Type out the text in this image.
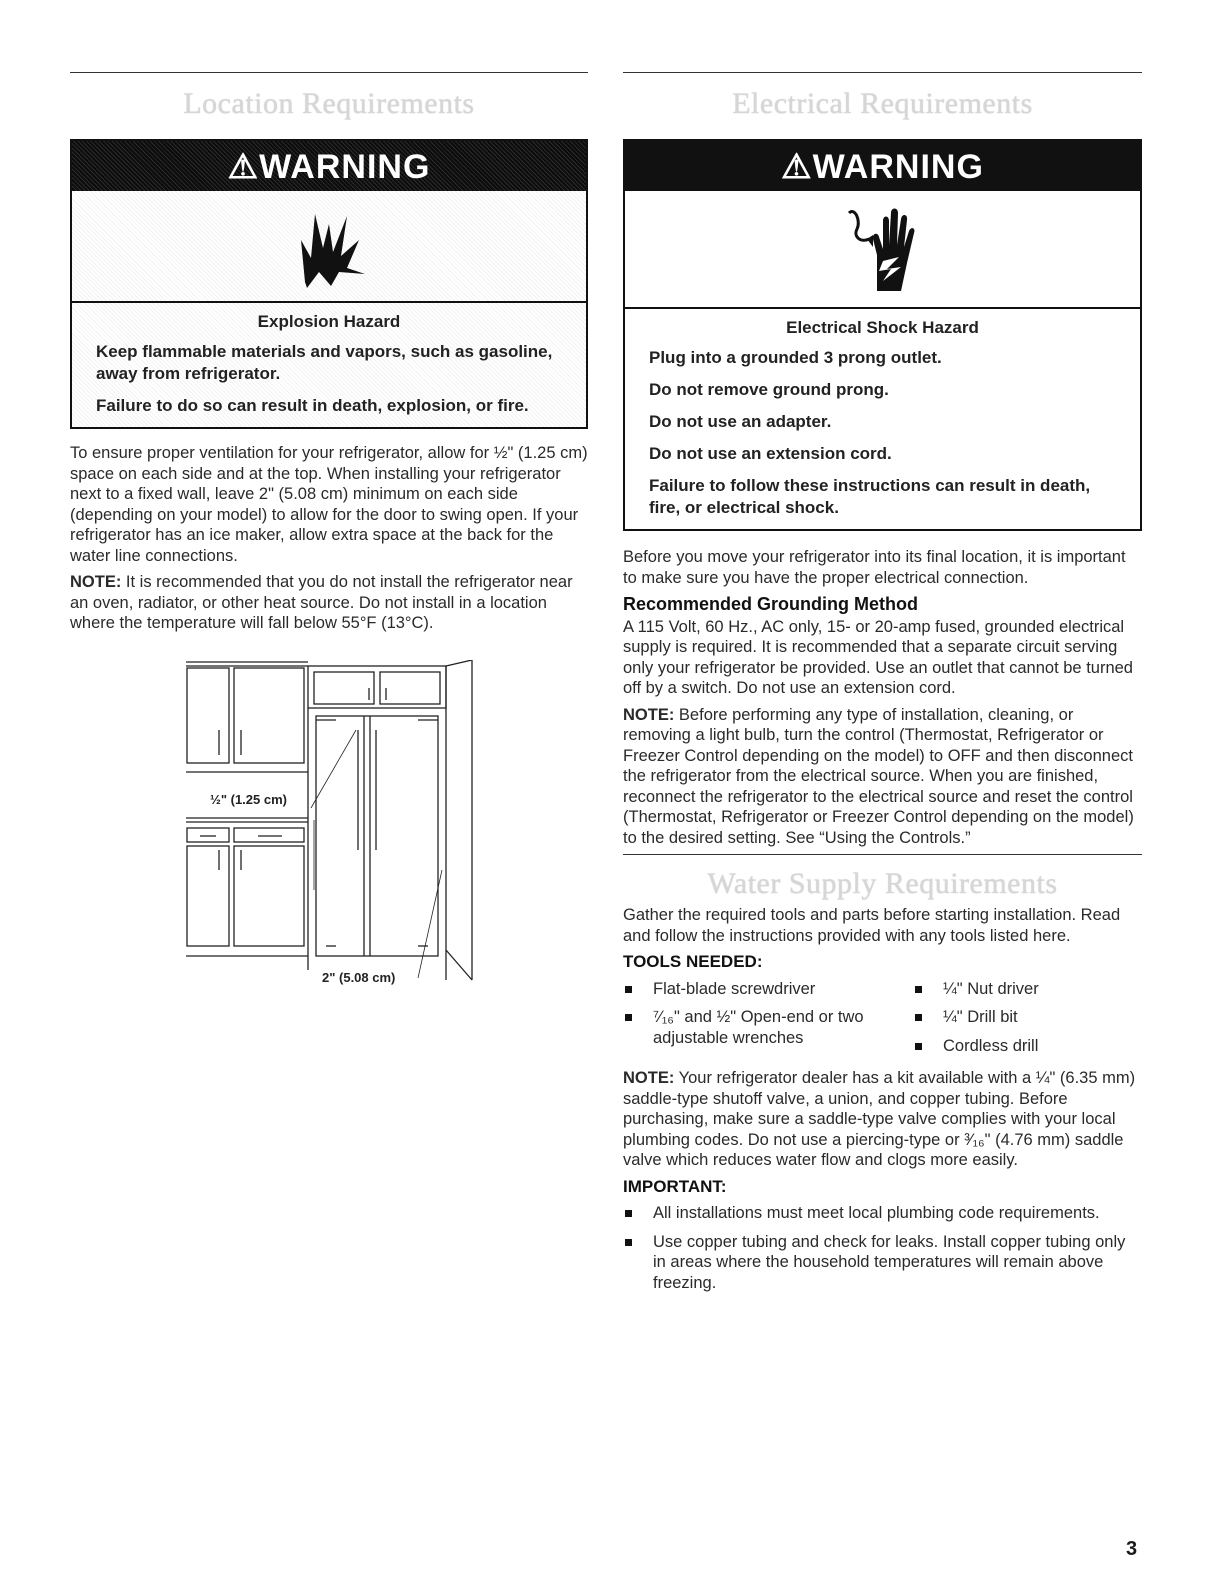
Location Requirements
⚠WARNING
Explosion Hazard

Keep flammable materials and vapors, such as gasoline, away from refrigerator.

Failure to do so can result in death, explosion, or fire.

To ensure proper ventilation for your refrigerator, allow for ½" (1.25 cm) space on each side and at the top. When installing your refrigerator next to a fixed wall, leave 2" (5.08 cm) minimum on each side (depending on your model) to allow for the door to swing open. If your refrigerator has an ice maker, allow extra space at the back for the water line connections.

NOTE: It is recommended that you do not install the refrigerator near an oven, radiator, or other heat source. Do not install in a location where the temperature will fall below 55°F (13°C).

½" (1.25 cm)
2" (5.08 cm)
Electrical Requirements
⚠WARNING
Electrical Shock Hazard

Plug into a grounded 3 prong outlet.

Do not remove ground prong.

Do not use an adapter.

Do not use an extension cord.

Failure to follow these instructions can result in death, fire, or electrical shock.

Before you move your refrigerator into its final location, it is important to make sure you have the proper electrical connection.

Recommended Grounding Method

A 115 Volt, 60 Hz., AC only, 15- or 20-amp fused, grounded electrical supply is required. It is recommended that a separate circuit serving only your refrigerator be provided. Use an outlet that cannot be turned off by a switch. Do not use an extension cord.

NOTE: Before performing any type of installation, cleaning, or removing a light bulb, turn the control (Thermostat, Refrigerator or Freezer Control depending on the model) to OFF and then disconnect the refrigerator from the electrical source. When you are finished, reconnect the refrigerator to the electrical source and reset the control (Thermostat, Refrigerator or Freezer Control depending on the model) to the desired setting. See “Using the Controls.”

Water Supply Requirements

Gather the required tools and parts before starting installation. Read and follow the instructions provided with any tools listed here.

TOOLS NEEDED:
Flat-blade screwdriver
⁷⁄₁₆" and ½" Open-end or two adjustable wrenches
¼" Nut driver
¼" Drill bit
Cordless drill

NOTE: Your refrigerator dealer has a kit available with a ¼" (6.35 mm) saddle-type shutoff valve, a union, and copper tubing. Before purchasing, make sure a saddle-type valve complies with your local plumbing codes. Do not use a piercing-type or ³⁄₁₆" (4.76 mm) saddle valve which reduces water flow and clogs more easily.

IMPORTANT:
All installations must meet local plumbing code requirements.
Use copper tubing and check for leaks. Install copper tubing only in areas where the household temperatures will remain above freezing.
3
